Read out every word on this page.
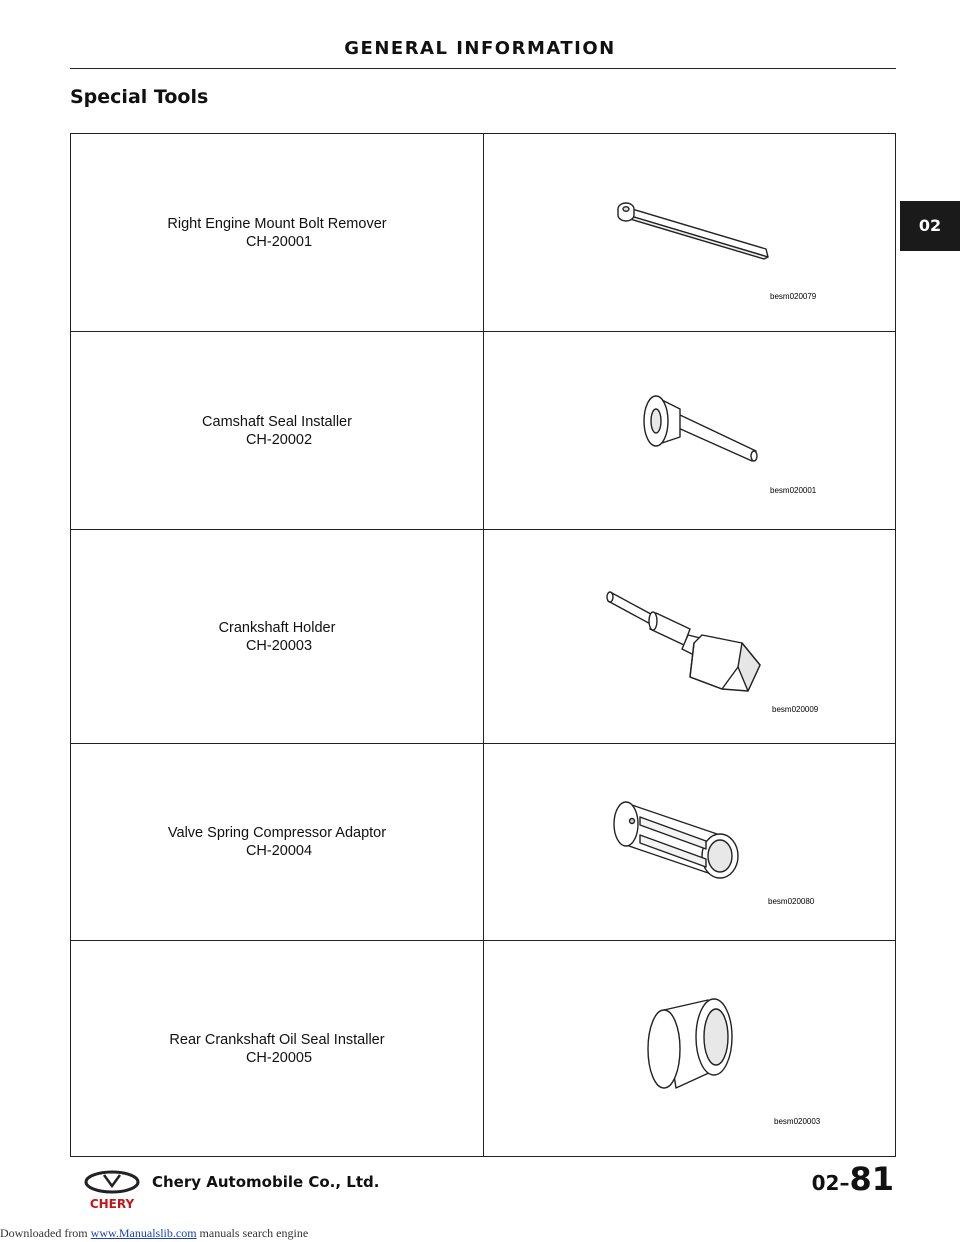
GENERAL INFORMATION
Special Tools
Right Engine Mount Bolt Remover
CH-20001	besm020079

Camshaft Seal Installer
CH-20002	besm020001

Crankshaft Holder
CH-20003	besm020009

Valve Spring Compressor Adaptor
CH-20004	besm020080

Rear Crankshaft Oil Seal Installer
CH-20005	besm020003
02
CHERY
Chery Automobile Co., Ltd.	02–81
Downloaded from www.Manualslib.com manuals search engine
